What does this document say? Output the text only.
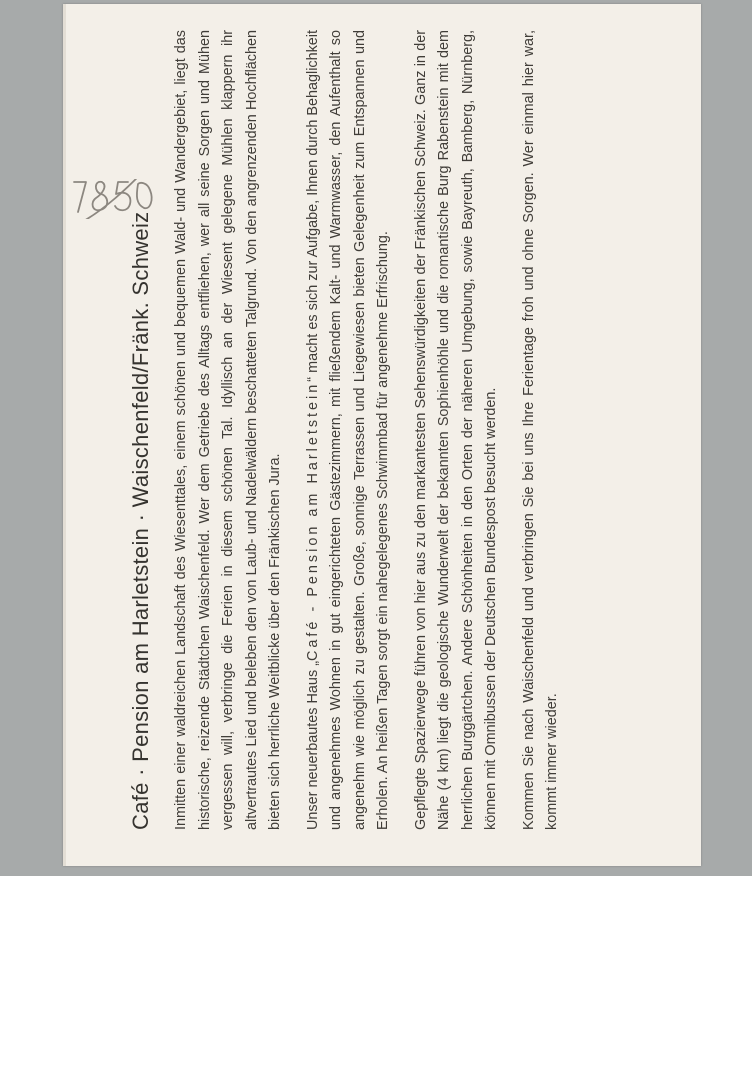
Café · Pension am Harletstein · Waischenfeld/Fränk. Schweiz Inmitten einer waldreichen Landschaft des Wiesenttales, einem schönen und bequemen Wald- und Wandergebiet, liegt das historische, reizende Städtchen Waischenfeld. Wer dem Getriebe des Alltags entfliehen, wer all seine Sorgen und Mühen vergessen will, verbringe die Ferien in diesem schönen Tal. Idyllisch an der Wiesent gelegene Mühlen klappern ihr altvertrautes Lied und beleben den von Laub- und Nadelwäldern beschatteten Talgrund. Von den angrenzenden Hochflächen bieten sich herrliche Weitblicke über den Fränkischen Jura.	Unser neuerbautes Haus „Café - Pension am Harletstein“ macht es sich zur Aufgabe, Ihnen durch Behaglichkeit und angenehmes Wohnen in gut eingerichteten Gästezimmern, mit fließendem Kalt- und Warmwasser, den Aufenthalt so angenehm wie möglich zu gestalten. Große, sonnige Terrassen und Liegewiesen bieten Gelegenheit zum Entspannen und Erholen. An heißen Tagen sorgt ein nahegelegenes Schwimmbad für angenehme Erfrischung.	Gepflegte Spazierwege führen von hier aus zu den markantesten Sehenswürdigkeiten der Fränkischen Schweiz. Ganz in der Nähe (4 km) liegt die geologische Wunderwelt der bekannten Sophienhöhle und die romantische Burg Rabenstein mit dem herrlichen Burggärtchen. Andere Schönheiten in den Orten der näheren Umgebung, sowie Bayreuth, Bamberg, Nürnberg, können mit Omnibussen der Deutschen Bundespost besucht werden.	Kommen Sie nach Waischenfeld und verbringen Sie bei uns Ihre Ferientage froh und ohne Sorgen. Wer einmal hier war, kommt immer wieder.
